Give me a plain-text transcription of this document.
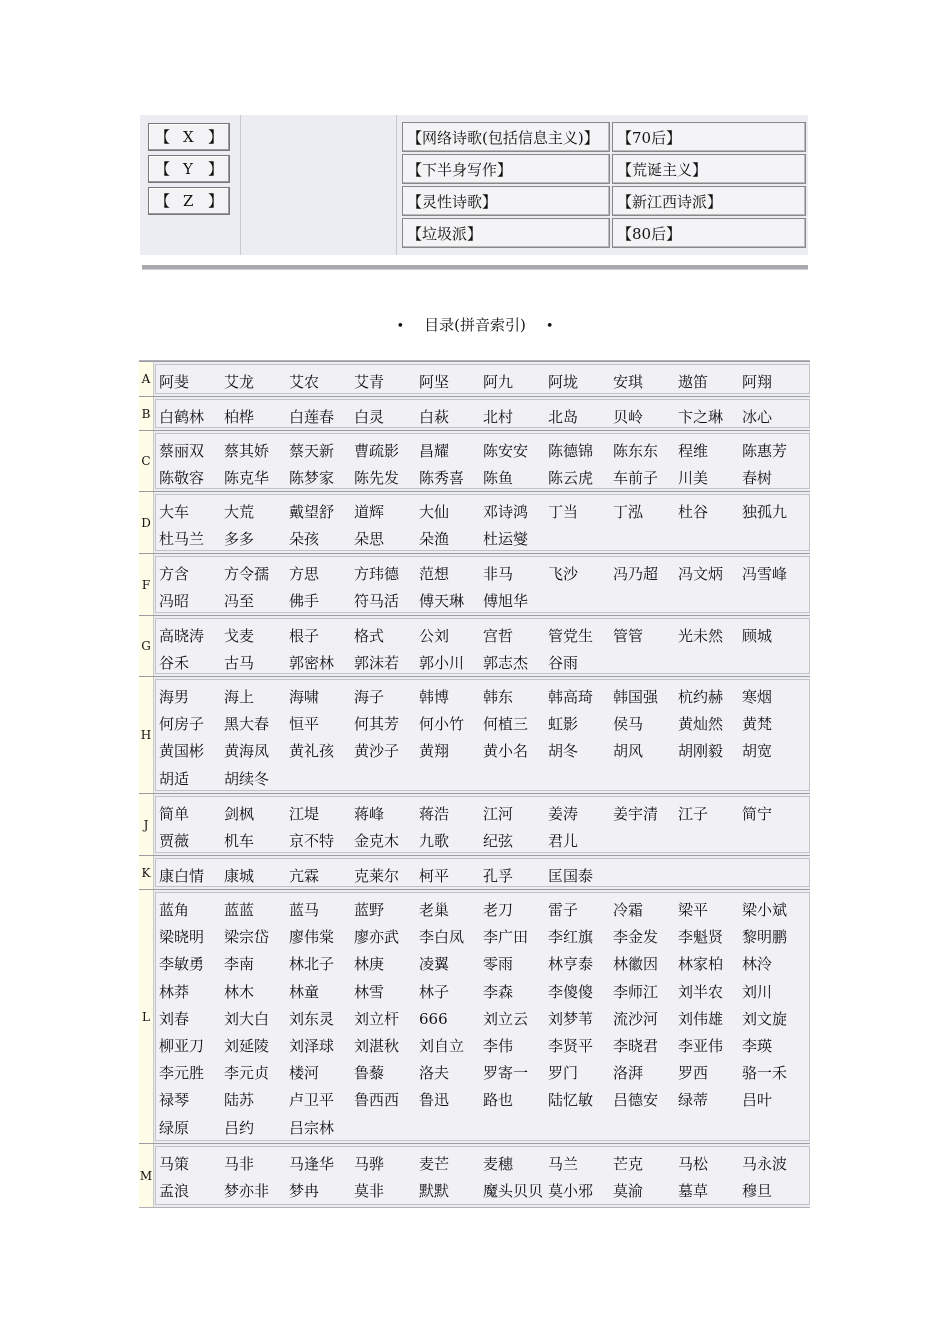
【 X 】
【 Y 】
【 Z 】
【网络诗歌(包括信息主义)】	【70后】
【下半身写作】	【荒诞主义】
【灵性诗歌】	【新江西诗派】
【垃圾派】	【80后】
• 目录(拼音索引) •
A 阿斐 艾龙 艾农 艾青 阿坚 阿九 阿垅 安琪 遨笛 阿翔
B 白鹤林 柏桦 白莲春 白灵 白萩 北村 北岛 贝岭 卞之琳 冰心
C
蔡丽双 蔡其娇 蔡天新 曹疏影 昌耀 陈安安 陈德锦 陈东东 程维 陈惠芳
陈敬容 陈克华 陈梦家 陈先发 陈秀喜 陈鱼 陈云虎 车前子 川美 春树
D
大车 大荒 戴望舒 道辉 大仙 邓诗鸿 丁当 丁泓 杜谷 独孤九
杜马兰 多多 朵孩 朵思 朵渔 杜运燮
F
方含 方令孺 方思 方玮德 范想 非马 飞沙 冯乃超 冯文炳 冯雪峰
冯昭 冯至 佛手 符马活 傅天琳 傅旭华
G
高晓涛 戈麦 根子 格式 公刘 宫哲 管党生 管管 光未然 顾城
谷禾 古马 郭密林 郭沫若 郭小川 郭志杰 谷雨
H
海男 海上 海啸 海子 韩博 韩东 韩高琦 韩国强 杭约赫 寒烟
何房子 黑大春 恒平 何其芳 何小竹 何植三 虹影 侯马 黄灿然 黄梵
黄国彬 黄海凤 黄礼孩 黄沙子 黄翔 黄小名 胡冬 胡风 胡刚毅 胡宽
胡适 胡续冬
J
简单 剑枫 江堤 蒋峰 蒋浩 江河 姜涛 姜宇清 江子 简宁
贾薇 机车 京不特 金克木 九歌 纪弦 君儿
K 康白情 康城 亢霖 克莱尔 柯平 孔孚 匡国泰
L
蓝角 蓝蓝 蓝马 蓝野 老巢 老刀 雷子 冷霜 梁平 梁小斌
梁晓明 梁宗岱 廖伟棠 廖亦武 李白凤 李广田 李红旗 李金发 李魁贤 黎明鹏
李敏勇 李南 林北子 林庚 凌翼 零雨 林亨泰 林徽因 林家柏 林泠
林莽 林木 林童 林雪 林子 李森 李傻傻 李师江 刘半农 刘川
刘春 刘大白 刘东灵 刘立杆 666 刘立云 刘梦苇 流沙河 刘伟雄 刘文旋
柳亚刀 刘延陵 刘泽球 刘湛秋 刘自立 李伟 李贤平 李晓君 李亚伟 李瑛
李元胜 李元贞 楼河 鲁藜 洛夫 罗寄一 罗门 洛湃 罗西 骆一禾
禄琴 陆苏 卢卫平 鲁西西 鲁迅 路也 陆忆敏 吕德安 绿蒂 吕叶
绿原 吕约 吕宗林
M
马策 马非 马逢华 马骅 麦芒 麦穗 马兰 芒克 马松 马永波
孟浪 梦亦非 梦冉 莫非 默默 魔头贝贝 莫小邪 莫渝 墓草 穆旦
